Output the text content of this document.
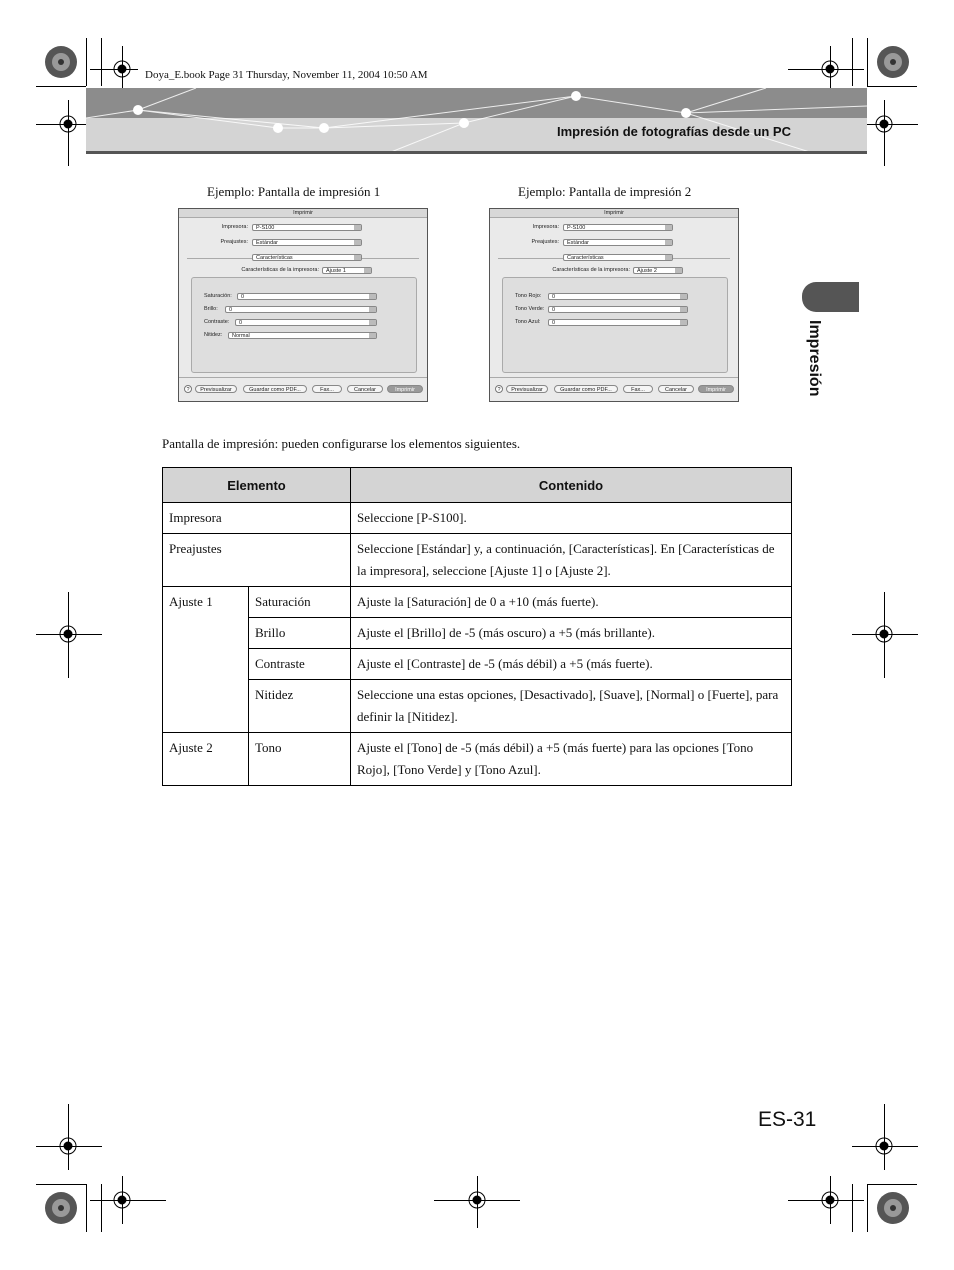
Doya_E.book Page 31 Thursday, November 11, 2004 10:50 AM
Impresión de fotografías desde un PC
Impresión
Ejemplo: Pantalla de impresión 1	Ejemplo: Pantalla de impresión 2
Imprimir
Impresora:	P-S100
Preajustes:	Estándar
Características
Características de la impresora:	Ajuste 1
Saturación:	0
Brillo:	0
Contraste:	0
Nitidez:	Normal
?	Previsualizar	Guardar como PDF...	Fax...	Cancelar	Imprimir
Imprimir
Impresora:	P-S100
Preajustes:	Estándar
Características
Características de la impresora:	Ajuste 2
Tono Rojo:	0
Tono Verde:	0
Tono Azul:	0
?	Previsualizar	Guardar como PDF...	Fax...	Cancelar	Imprimir
Pantalla de impresión: pueden configurarse los elementos siguientes.
Elemento		Contenido
Impresora		Seleccione [P-S100].
Preajustes		Seleccione [Estándar] y, a continuación, [Características]. En [Características de la impresora], seleccione [Ajuste 1] o [Ajuste 2].
Ajuste 1	Saturación	Ajuste la [Saturación] de 0 a +10 (más fuerte).
	Brillo	Ajuste el [Brillo] de -5 (más oscuro) a +5 (más brillante).
	Contraste	Ajuste el [Contraste] de -5 (más débil) a +5 (más fuerte).
	Nitidez	Seleccione una estas opciones, [Desactivado], [Suave], [Normal] o [Fuerte], para definir la [Nitidez].
Ajuste 2	Tono	Ajuste el [Tono] de -5 (más débil) a +5 (más fuerte) para las opciones [Tono Rojo], [Tono Verde] y [Tono Azul].
ES-31
